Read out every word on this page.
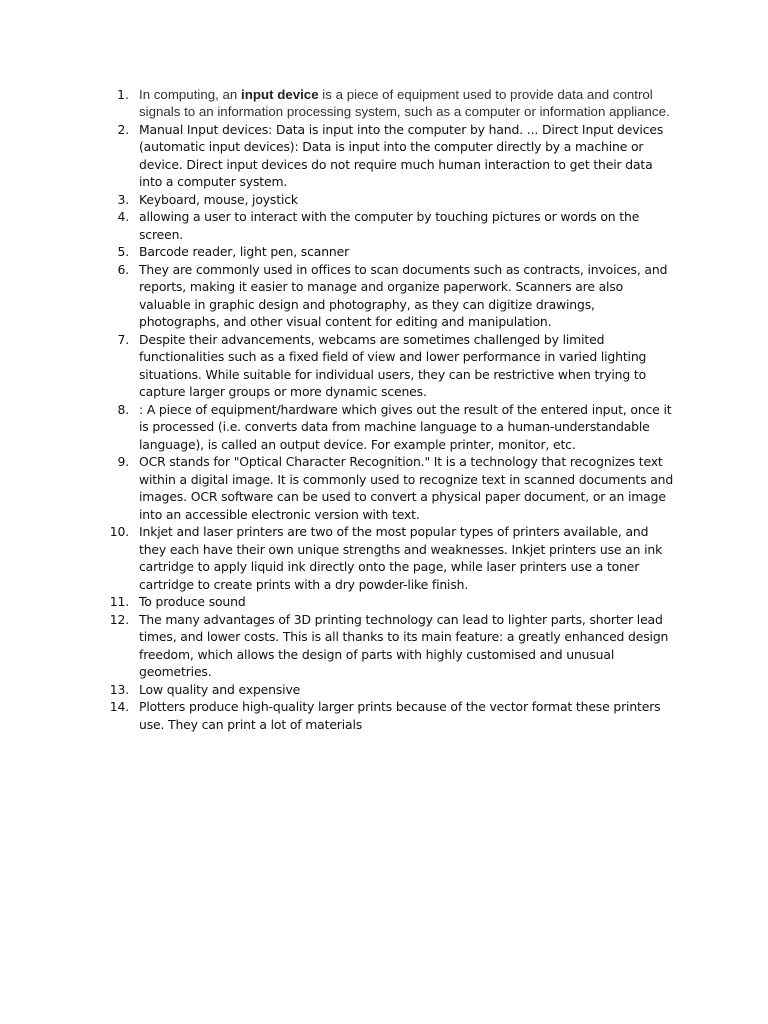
1. In computing, an input device is a piece of equipment used to provide data and control signals to an information processing system, such as a computer or information appliance.
2. Manual Input devices: Data is input into the computer by hand. ... Direct Input devices (automatic input devices): Data is input into the computer directly by a machine or device. Direct input devices do not require much human interaction to get their data into a computer system.
3. Keyboard, mouse, joystick
4. allowing a user to interact with the computer by touching pictures or words on the screen.
5. Barcode reader, light pen, scanner
6. They are commonly used in offices to scan documents such as contracts, invoices, and reports, making it easier to manage and organize paperwork. Scanners are also valuable in graphic design and photography, as they can digitize drawings, photographs, and other visual content for editing and manipulation.
7. Despite their advancements, webcams are sometimes challenged by limited functionalities such as a fixed field of view and lower performance in varied lighting situations. While suitable for individual users, they can be restrictive when trying to capture larger groups or more dynamic scenes.
8. : A piece of equipment/hardware which gives out the result of the entered input, once it is processed (i.e. converts data from machine language to a human-understandable language), is called an output device. For example printer, monitor, etc.
9. OCR stands for "Optical Character Recognition." It is a technology that recognizes text within a digital image. It is commonly used to recognize text in scanned documents and images. OCR software can be used to convert a physical paper document, or an image into an accessible electronic version with text.
10. Inkjet and laser printers are two of the most popular types of printers available, and they each have their own unique strengths and weaknesses. Inkjet printers use an ink cartridge to apply liquid ink directly onto the page, while laser printers use a toner cartridge to create prints with a dry powder-like finish.
11. To produce sound
12. The many advantages of 3D printing technology can lead to lighter parts, shorter lead times, and lower costs. This is all thanks to its main feature: a greatly enhanced design freedom, which allows the design of parts with highly customised and unusual geometries.
13. Low quality and expensive
14. Plotters produce high-quality larger prints because of the vector format these printers use. They can print a lot of materials
